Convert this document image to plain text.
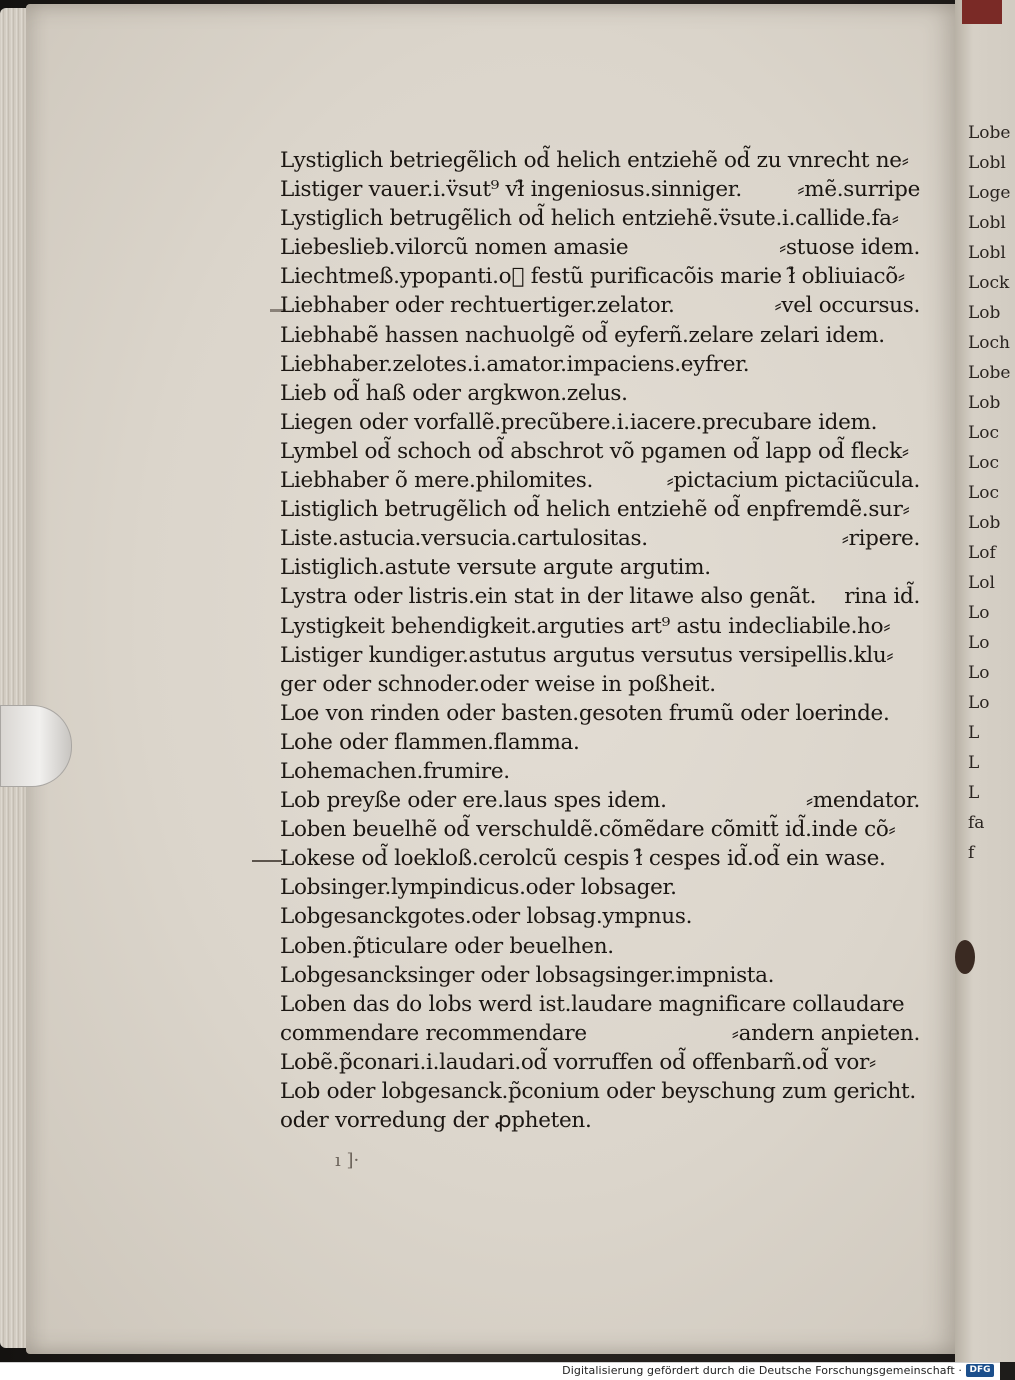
Lobe
Lobl
Loge
Lobl
Lobl
Lock
Lob
Loch
Lobe
Lob
Loc
Loc
Loc
Lob
Lof
Lol
Lo
Lo
Lo
Lo
L
L
L
fa
f
Lystiglich betriegẽlich od̃ helich entziehẽ od̃ zu vnrecht ne⸗
⸗mẽ.surripe
Listiger vauer.i.v̈sut⁹ vł̃ ingeniosus.sinniger.
Lystiglich betrugẽlich od̃ helich entziehẽ.v̈sute.i.callide.fa⸗
⸗stuose idem.
Liebeslieb.vilorcũ nomen amasie
Liechtmeß.ypopanti.oᷓ festũ purificacõis marie ł̃ obliuiacõ⸗
⸗vel occursus.
Liebhaber oder rechtuertiger.zelator.
Liebhabẽ hassen nachuolgẽ od̃ eyferñ.zelare zelari idem.
Liebhaber.zelotes.i.amator.impaciens.eyfrer.
Lieb od̃ haß oder argkwon.zelus.
Liegen oder vorfallẽ.precũbere.i.iacere.precubare idem.
Lymbel od̃ schoch od̃ abschrot võ pgamen od̃ lapp od̃ fleck⸗
⸗pictacium pictaciũcula.
Liebhaber õ mere.philomites.
Listiglich betrugẽlich od̃ helich entziehẽ od̃ enpfremdẽ.sur⸗
⸗ripere.
Liste.astucia.versucia.cartulositas.
Listiglich.astute versute argute argutim.
rina id̃.
Lystra oder listris.ein stat in der litawe also genãt.
Lystigkeit behendigkeit.arguties art⁹ astu indecliabile.ho⸗
Listiger kundiger.astutus argutus versutus versipellis.klu⸗
ger oder schnoder.oder weise in poßheit.
Loe von rinden oder basten.gesoten frumũ oder loerinde.
Lohe oder flammen.flamma.
Lohemachen.frumire.
⸗mendator.
Lob preyße oder ere.laus spes idem.
Loben beuelhẽ od̃ verschuldẽ.cõmẽdare cõmitt̃ id̃.inde cõ⸗
Lokese od̃ loekloß.cerolcũ cespis ł̃ cespes id̃.od̃ ein wase.
Lobsinger.lympindicus.oder lobsager.
Lobgesanckgotes.oder lobsag.ympnus.
Loben.p̃ticulare oder beuelhen.
Lobgesancksinger oder lobsagsinger.impnista.
Loben das do lobs werd ist.laudare magnificare collaudare
⸗andern anpieten.
commendare recommendare
Lobẽ.p̃conari.i.laudari.od̃ vorruffen od̃ offenbarñ.od̃ vor⸗
Lob oder lobgesanck.p̃conium oder beyschung zum gericht.
oder vorredung der ꝓpheten.
ı ]·
Digitalisierung gefördert durch die Deutsche Forschungsgemeinschaft · DFG
